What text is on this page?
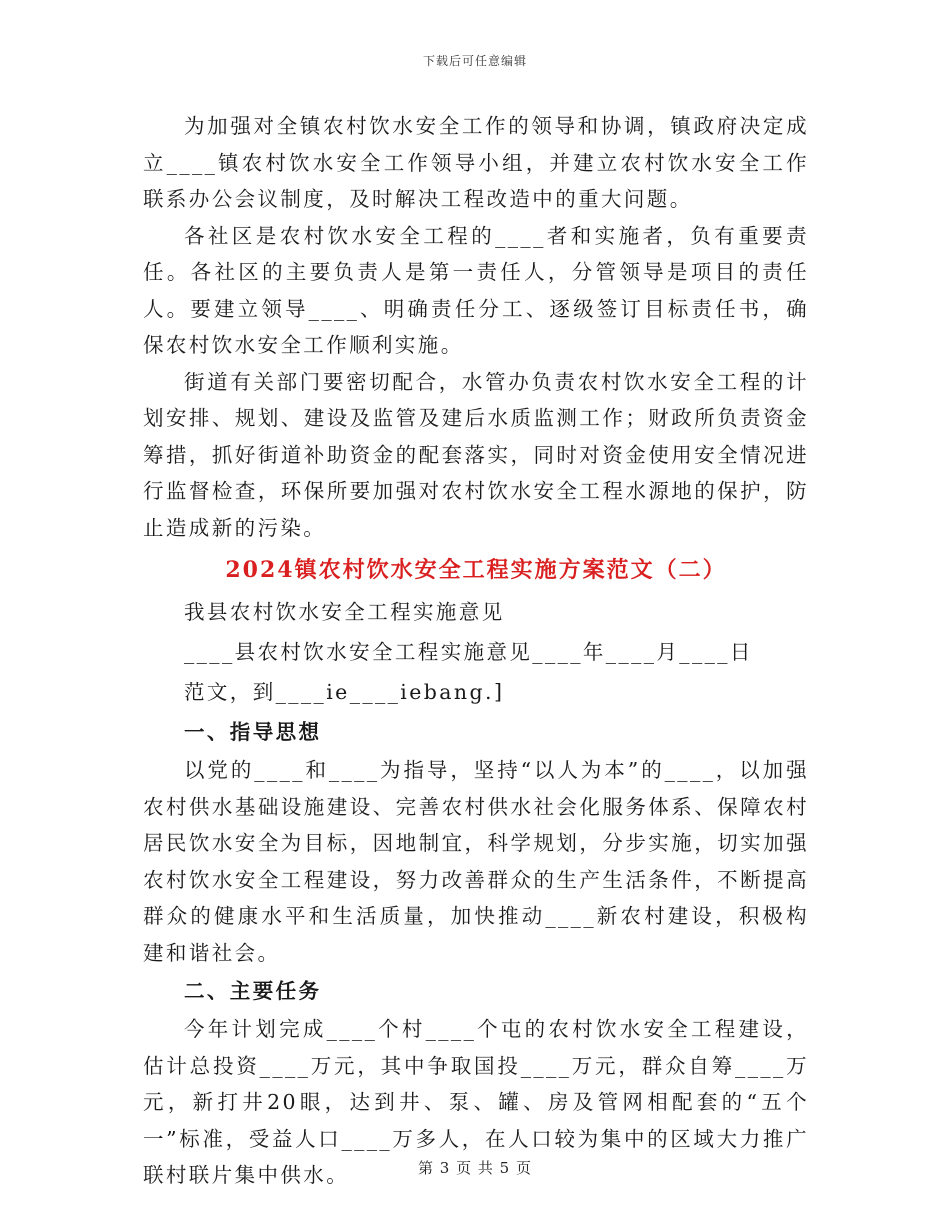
下载后可任意编辑

为加强对全镇农村饮水安全工作的领导和协调，镇政府决定成立____镇农村饮水安全工作领导小组，并建立农村饮水安全工作联系办公会议制度，及时解决工程改造中的重大问题。

各社区是农村饮水安全工程的____者和实施者，负有重要责任。各社区的主要负责人是第一责任人，分管领导是项目的责任人。要建立领导____、明确责任分工、逐级签订目标责任书，确保农村饮水安全工作顺利实施。

街道有关部门要密切配合，水管办负责农村饮水安全工程的计划安排、规划、建设及监管及建后水质监测工作；财政所负责资金筹措，抓好街道补助资金的配套落实，同时对资金使用安全情况进行监督检查，环保所要加强对农村饮水安全工程水源地的保护，防止造成新的污染。

2024镇农村饮水安全工程实施方案范文（二）

我县农村饮水安全工程实施意见

____县农村饮水安全工程实施意见____年____月____日

范文，到____ie____iebang.]

一、指导思想

以党的____和____为指导，坚持“以人为本”的____，以加强农村供水基础设施建设、完善农村供水社会化服务体系、保障农村居民饮水安全为目标，因地制宜，科学规划，分步实施，切实加强农村饮水安全工程建设，努力改善群众的生产生活条件，不断提高群众的健康水平和生活质量，加快推动____新农村建设，积极构建和谐社会。

二、主要任务

今年计划完成____个村____个屯的农村饮水安全工程建设，估计总投资____万元，其中争取国投____万元，群众自筹____万元，新打井20眼，达到井、泵、罐、房及管网相配套的“五个一”标准，受益人口____万多人，在人口较为集中的区域大力推广联村联片集中供水。	第 3 页 共 5 页
